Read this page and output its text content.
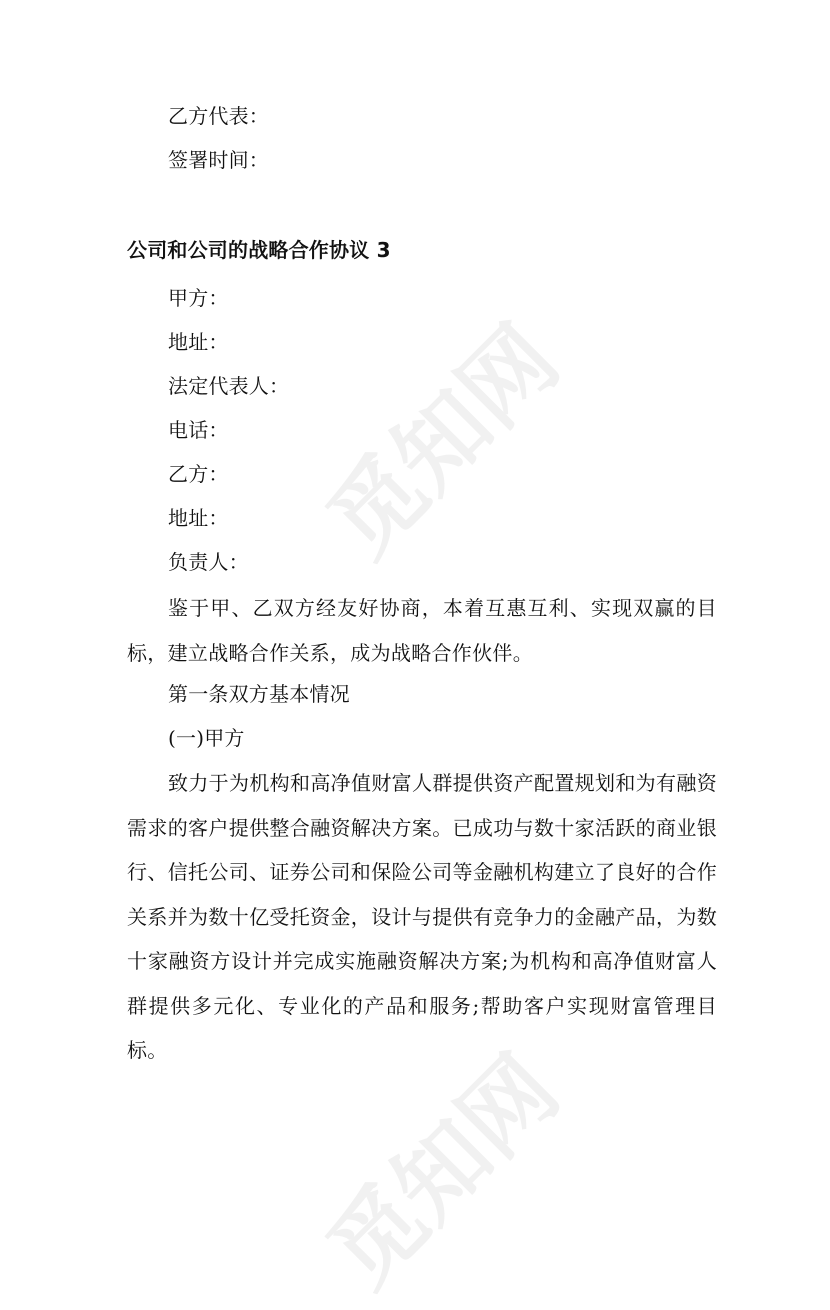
觅知网
觅知网

乙方代表：

签署时间：

公司和公司的战略合作协议 3

甲方：

地址：

法定代表人：

电话：

乙方：

地址：

负责人：

鉴于甲、乙双方经友好协商，本着互惠互利、实现双赢的目标，建立战略合作关系，成为战略合作伙伴。

第一条双方基本情况

(一)甲方

致力于为机构和高净值财富人群提供资产配置规划和为有融资需求的客户提供整合融资解决方案。已成功与数十家活跃的商业银行、信托公司、证券公司和保险公司等金融机构建立了良好的合作关系并为数十亿受托资金，设计与提供有竞争力的金融产品，为数十家融资方设计并完成实施融资解决方案;为机构和高净值财富人群提供多元化、专业化的产品和服务;帮助客户实现财富管理目标。
